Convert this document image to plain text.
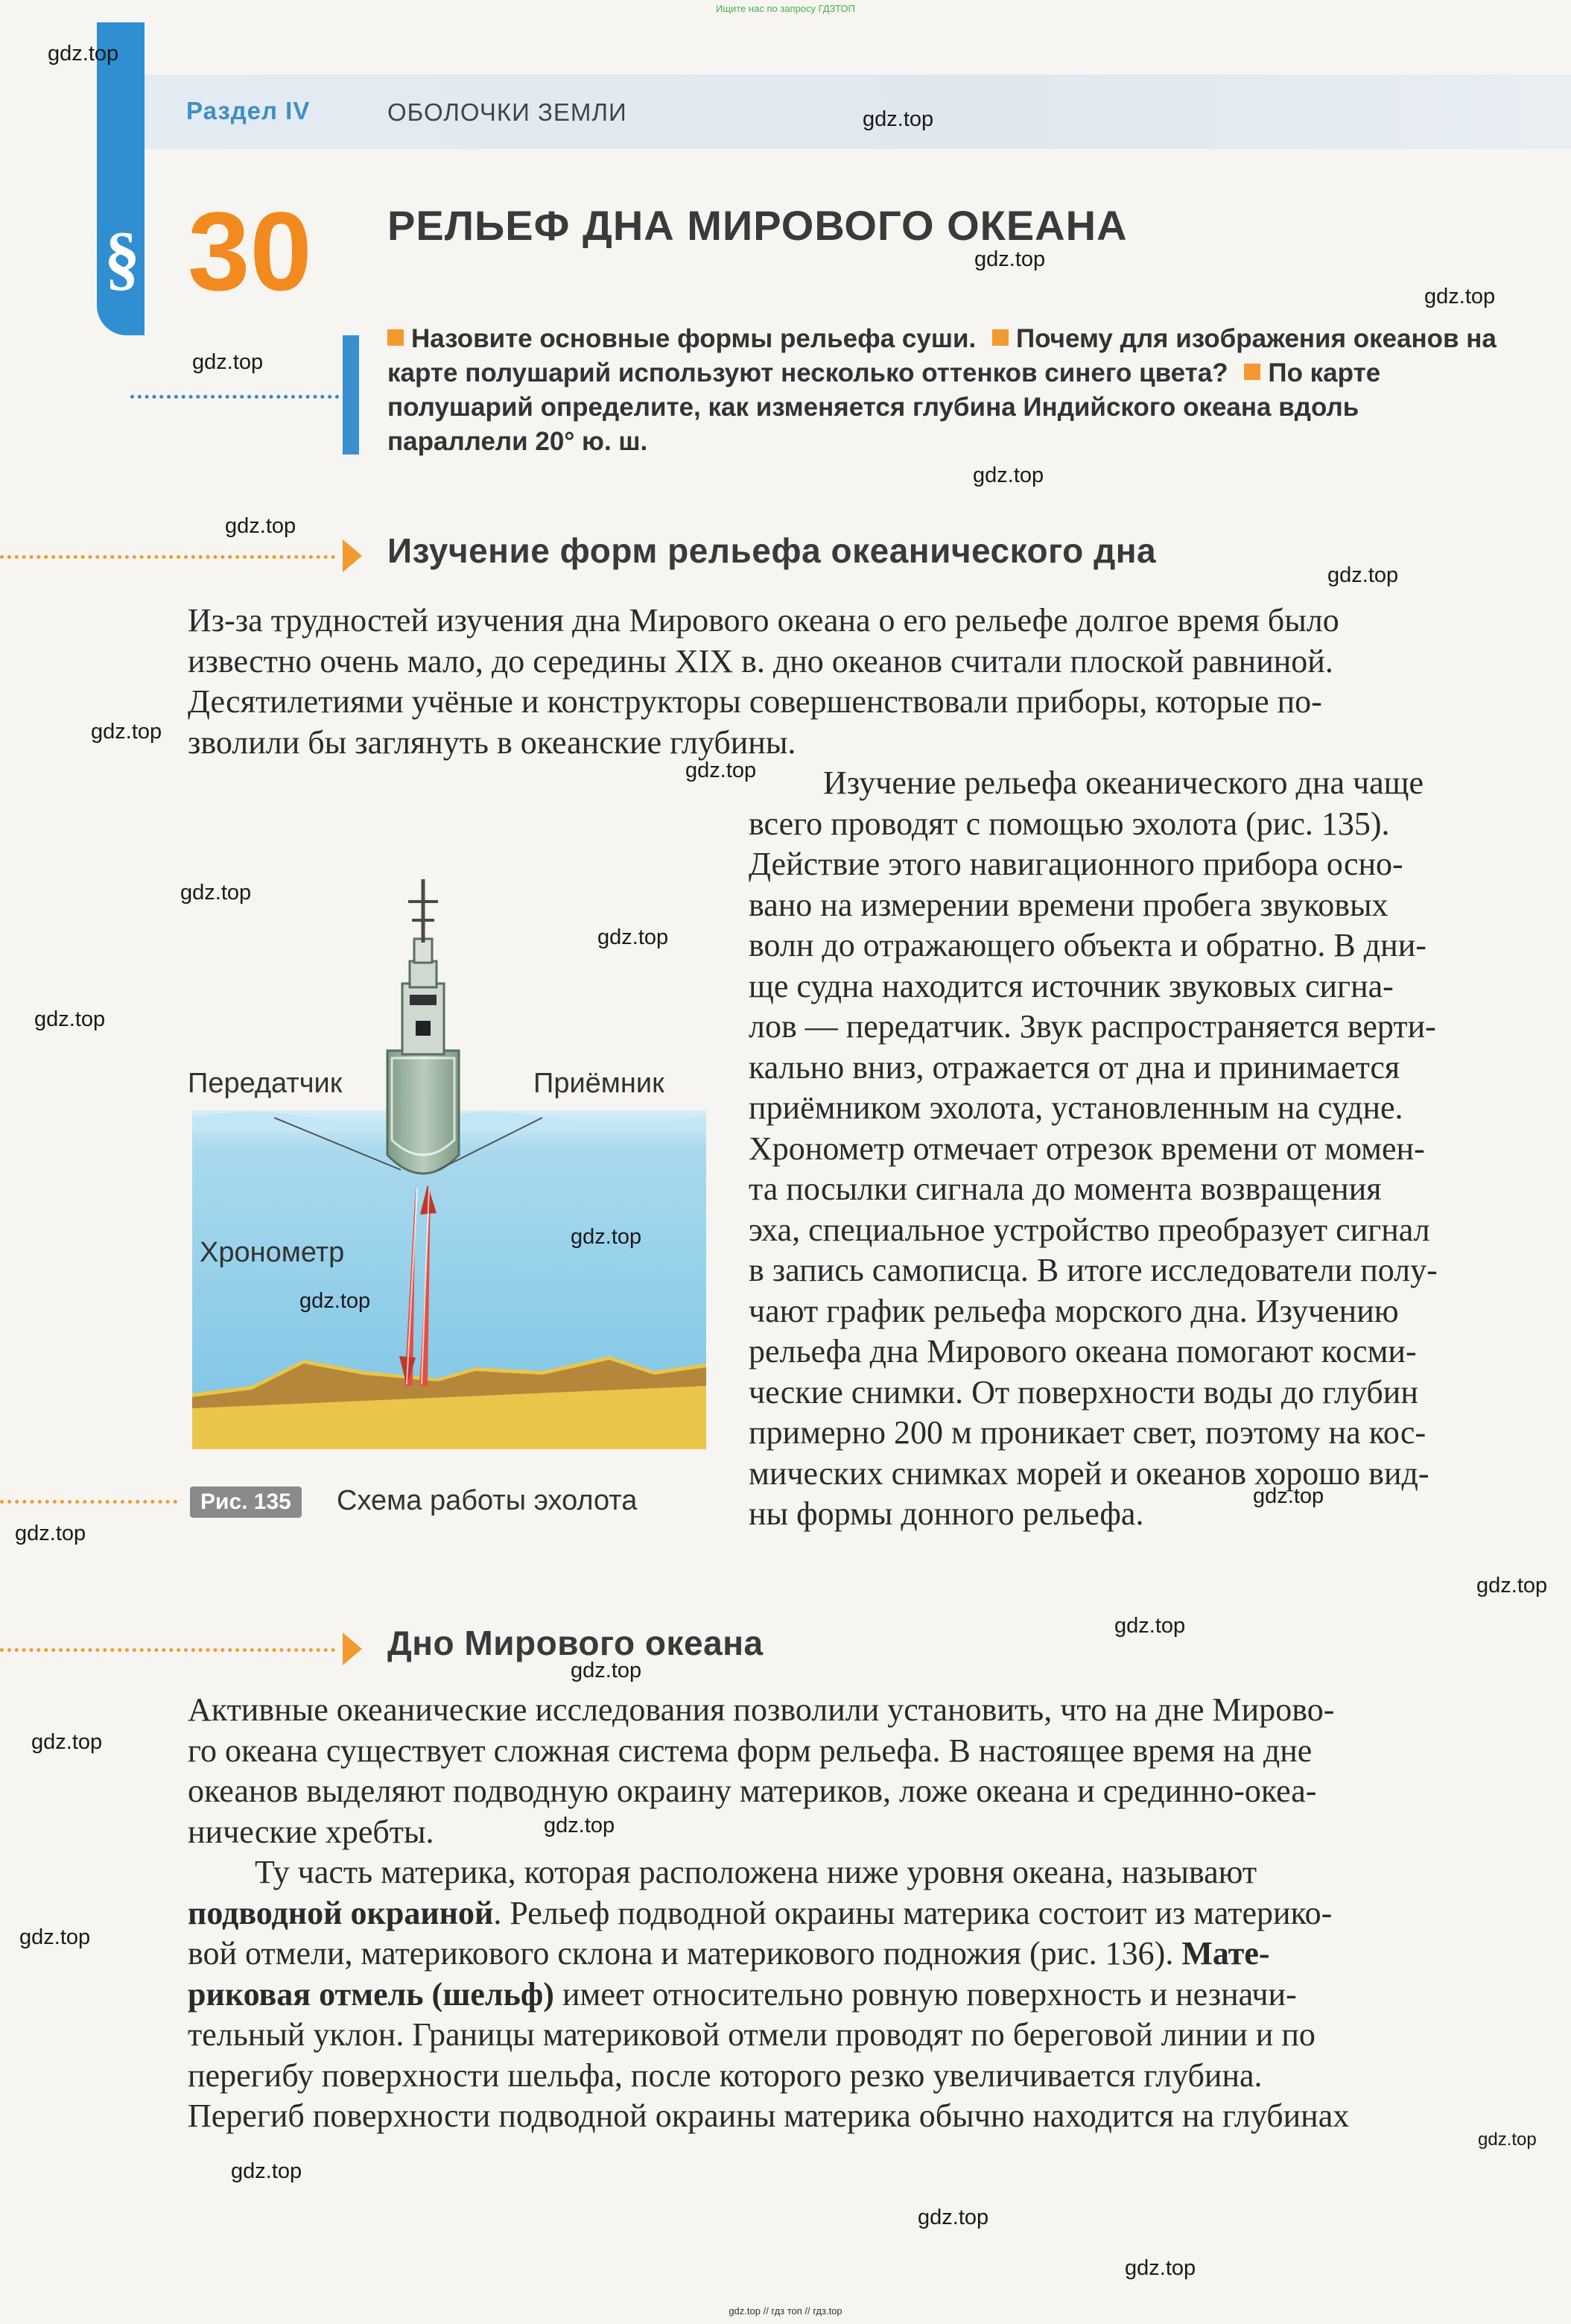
Ищите нас по запросу ГДЗТОП
Раздел IV	ОБОЛОЧКИ ЗЕМЛИ
§ 30 РЕЛЬЕФ ДНА МИРОВОГО ОКЕАНА
Назовите основные формы рельефа суши. Почему для изображения океанов на карте полушарий используют несколько оттенков синего цвета? По карте полушарий определите, как изменяется глубина Индийского океана вдоль параллели 20° ю. ш.
Изучение форм рельефа океанического дна

Из-за трудностей изучения дна Мирового океана о его рельефе долгое время было

известно очень мало, до середины XIX в. дно океанов считали плоской равниной.

Десятилетиями учёные и конструкторы совершенствовали приборы, которые по-

зволили бы заглянуть в океанские глубины.

Изучение рельефа океанического дна чаще

всего проводят с помощью эхолота (рис. 135).

Действие этого навигационного прибора осно-

вано на измерении времени пробега звуковых

волн до отражающего объекта и обратно. В дни-

ще судна находится источник звуковых сигна-

лов — передатчик. Звук распространяется верти-

кально вниз, отражается от дна и принимается

приёмником эхолота, установленным на судне.

Хронометр отмечает отрезок времени от момен-

та посылки сигнала до момента возвращения

эха, специальное устройство преобразует сигнал

в запись самописца. В итоге исследователи полу-

чают график рельефа морского дна. Изучению

рельефа дна Мирового океана помогают косми-

ческие снимки. От поверхности воды до глубин

примерно 200 м проникает свет, поэтому на кос-

мических снимках морей и океанов хорошо вид-

ны формы донного рельефа.

Передатчик	Приёмник
Хронометр
Рис. 135	Схема работы эхолота
Дно Мирового океана

Активные океанические исследования позволили установить, что на дне Мирово-

го океана существует сложная система форм рельефа. В настоящее время на дне

океанов выделяют подводную окраину материков, ложе океана и срединно-океа-

нические хребты.

Ту часть материка, которая расположена ниже уровня океана, называют

подводной окраиной. Рельеф подводной окраины материка состоит из материко-

вой отмели, материкового склона и материкового подножия (рис. 136). Мате-

риковая отмель (шельф) имеет относительно ровную поверхность и незначи-

тельный уклон. Границы материковой отмели проводят по береговой линии и по

перегибу поверхности шельфа, после которого резко увеличивается глубина.

Перегиб поверхности подводной окраины материка обычно находится на глубинах

gdz.top
gdz.top
gdz.top
gdz.top
gdz.top
gdz.top
gdz.top
gdz.top
gdz.top
gdz.top
gdz.top
gdz.top
gdz.top
gdz.top
gdz.top
gdz.top
gdz.top
gdz.top
gdz.top
gdz.top
gdz.top
gdz.top
gdz.top
gdz.top
gdz.top
gdz.top
gdz.top
gdz.top // гдз топ // гдз.top
